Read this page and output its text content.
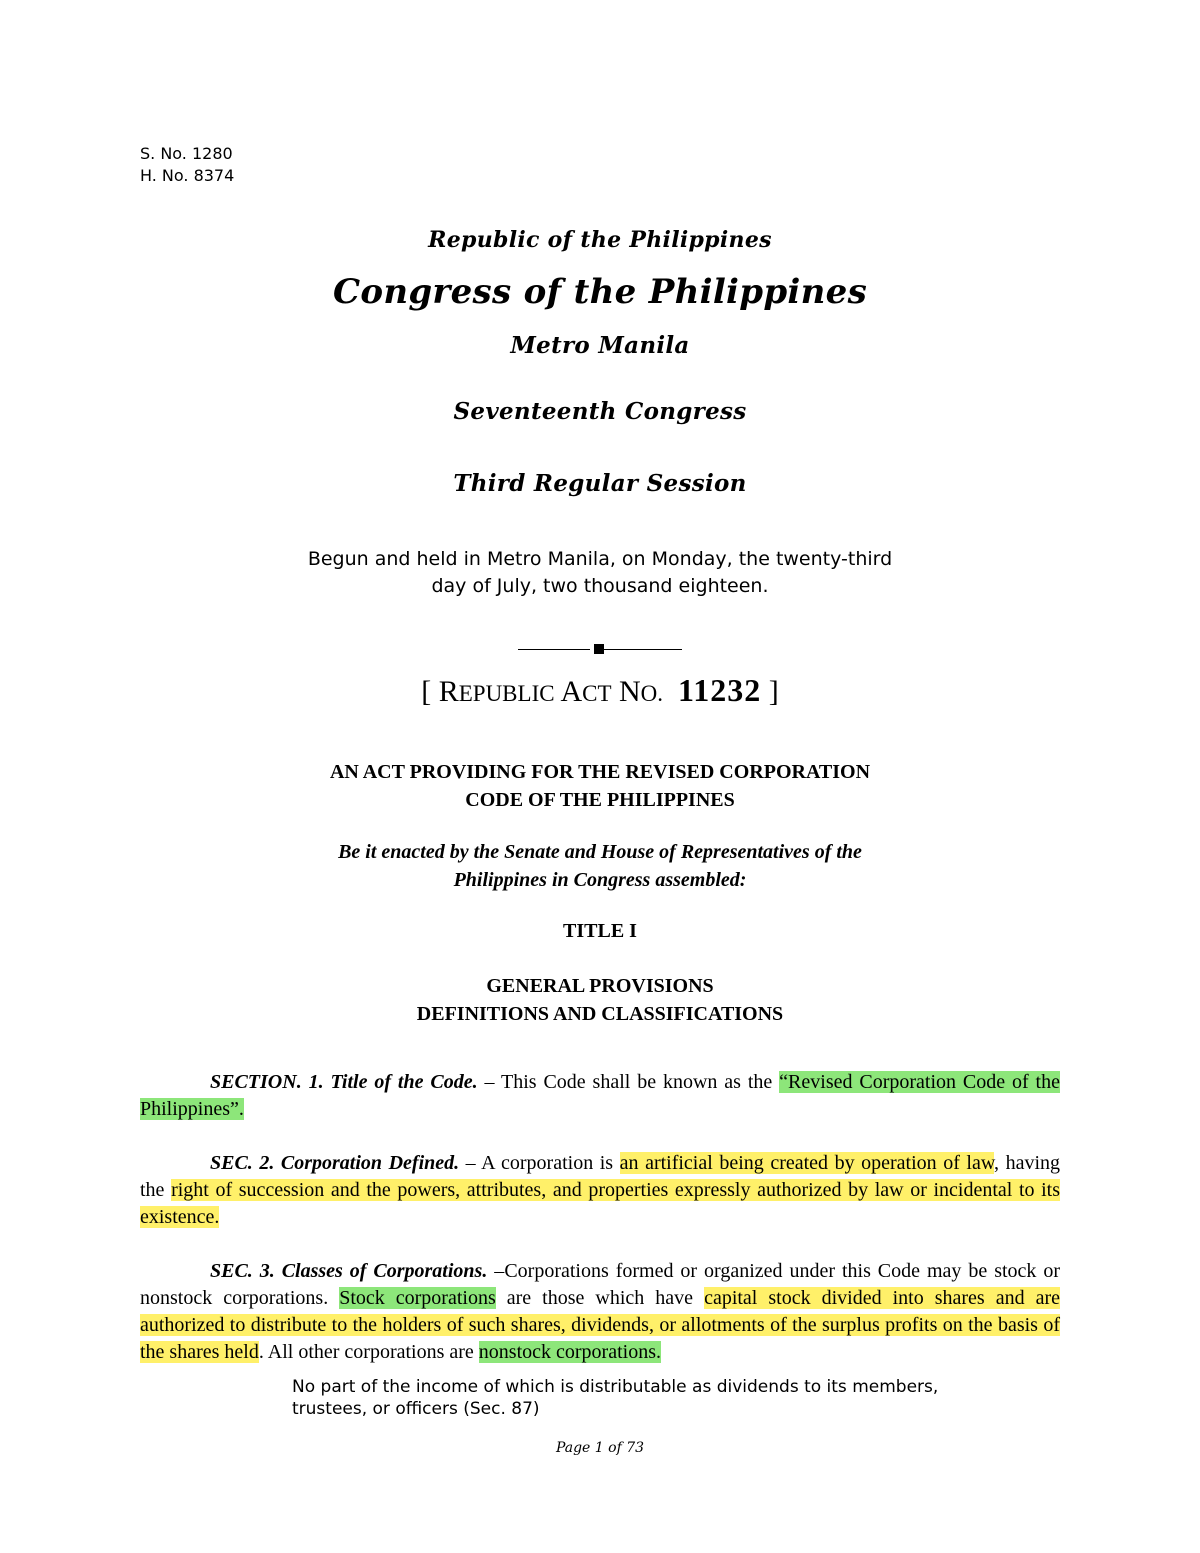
S. No. 1280
H. No. 8374
Republic of the Philippines
Congress of the Philippines
Metro Manila
Seventeenth Congress
Third Regular Session
Begun and held in Metro Manila, on Monday, the twenty-third
day of July, two thousand eighteen.
[ REPUBLIC ACT NO. 11232 ]
AN ACT PROVIDING FOR THE REVISED CORPORATION
CODE OF THE PHILIPPINES
Be it enacted by the Senate and House of Representatives of the
Philippines in Congress assembled:
TITLE I
GENERAL PROVISIONS
DEFINITIONS AND CLASSIFICATIONS
SECTION. 1. Title of the Code. – This Code shall be known as the “Revised Corporation Code of the Philippines”.
SEC. 2. Corporation Defined. – A corporation is an artificial being created by operation of law, having the right of succession and the powers, attributes, and properties expressly authorized by law or incidental to its existence.
SEC. 3. Classes of Corporations. –Corporations formed or organized under this Code may be stock or nonstock corporations. Stock corporations are those which have capital stock divided into shares and are authorized to distribute to the holders of such shares, dividends, or allotments of the surplus profits on the basis of the shares held. All other corporations are nonstock corporations.
No part of the income of which is distributable as dividends to its members,
trustees, or officers (Sec. 87)
Page 1 of 73
